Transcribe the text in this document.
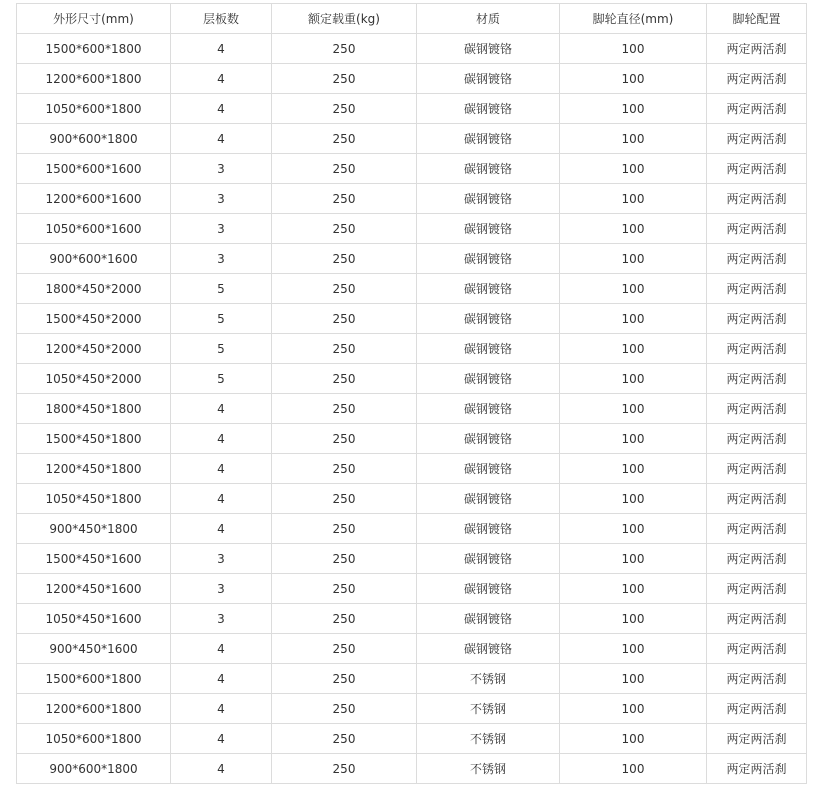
外形尺寸(mm)	层板数	额定载重(kg)	材质	脚轮直径(mm)	脚轮配置
1500*600*1800	4	250	碳钢镀铬	100	两定两活刹
1200*600*1800	4	250	碳钢镀铬	100	两定两活刹
1050*600*1800	4	250	碳钢镀铬	100	两定两活刹
900*600*1800	4	250	碳钢镀铬	100	两定两活刹
1500*600*1600	3	250	碳钢镀铬	100	两定两活刹
1200*600*1600	3	250	碳钢镀铬	100	两定两活刹
1050*600*1600	3	250	碳钢镀铬	100	两定两活刹
900*600*1600	3	250	碳钢镀铬	100	两定两活刹
1800*450*2000	5	250	碳钢镀铬	100	两定两活刹
1500*450*2000	5	250	碳钢镀铬	100	两定两活刹
1200*450*2000	5	250	碳钢镀铬	100	两定两活刹
1050*450*2000	5	250	碳钢镀铬	100	两定两活刹
1800*450*1800	4	250	碳钢镀铬	100	两定两活刹
1500*450*1800	4	250	碳钢镀铬	100	两定两活刹
1200*450*1800	4	250	碳钢镀铬	100	两定两活刹
1050*450*1800	4	250	碳钢镀铬	100	两定两活刹
900*450*1800	4	250	碳钢镀铬	100	两定两活刹
1500*450*1600	3	250	碳钢镀铬	100	两定两活刹
1200*450*1600	3	250	碳钢镀铬	100	两定两活刹
1050*450*1600	3	250	碳钢镀铬	100	两定两活刹
900*450*1600	4	250	碳钢镀铬	100	两定两活刹
1500*600*1800	4	250	不锈钢	100	两定两活刹
1200*600*1800	4	250	不锈钢	100	两定两活刹
1050*600*1800	4	250	不锈钢	100	两定两活刹
900*600*1800	4	250	不锈钢	100	两定两活刹
